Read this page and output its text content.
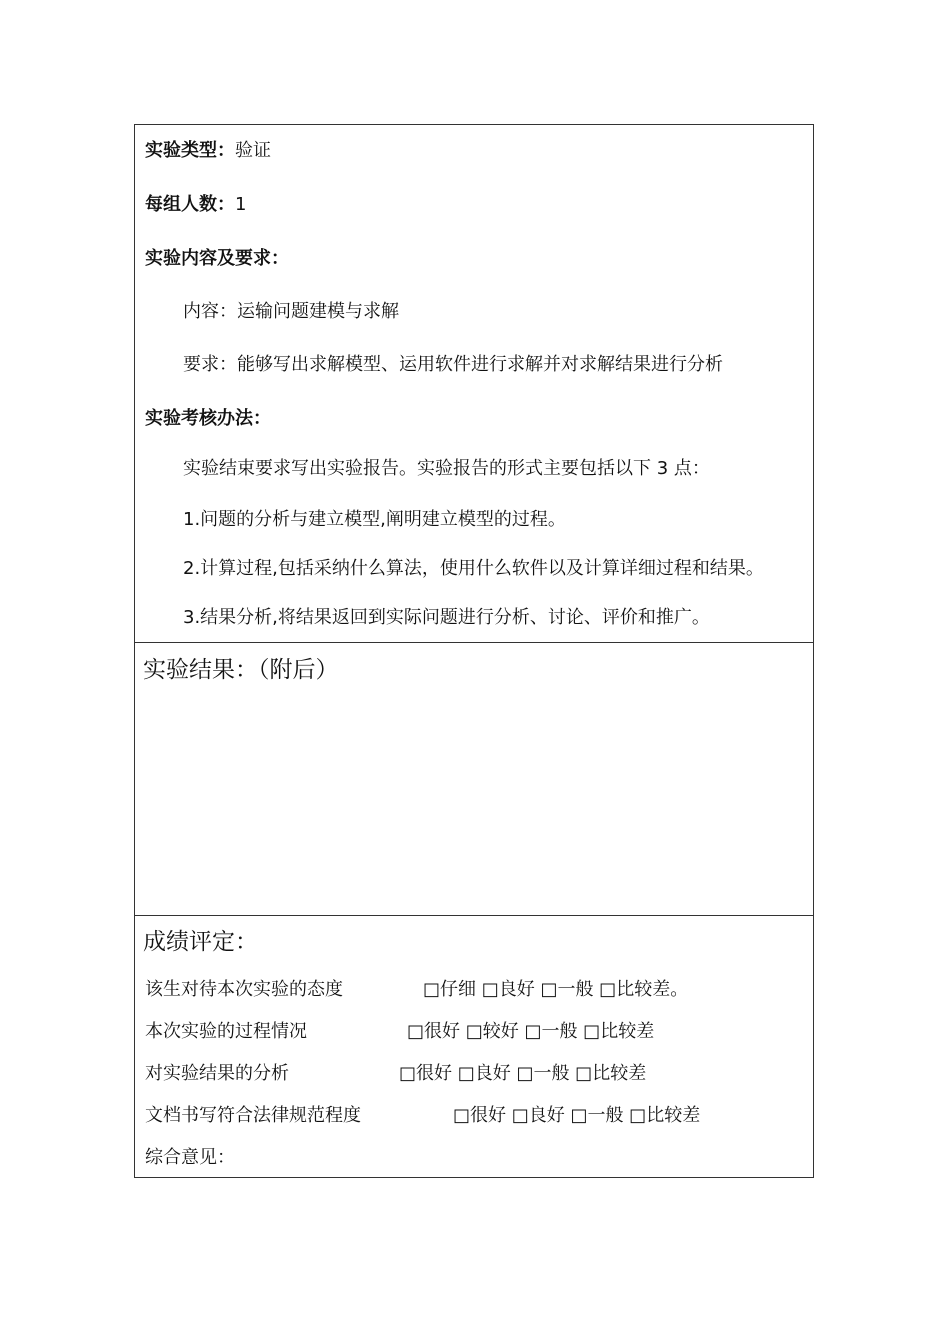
实验类型：验证
每组人数：1
实验内容及要求：
内容：运输问题建模与求解
要求：能够写出求解模型、运用软件进行求解并对求解结果进行分析
实验考核办法：
实验结束要求写出实验报告。实验报告的形式主要包括以下 3 点：
1.问题的分析与建立模型,阐明建立模型的过程。
2.计算过程,包括采纳什么算法，使用什么软件以及计算详细过程和结果。
3.结果分析,将结果返回到实际问题进行分析、讨论、评价和推广。
实验结果：（附后）
成绩评定：
该生对待本次实验的态度	□仔细 □良好 □一般 □比较差。
本次实验的过程情况	□很好 □较好 □一般 □比较差
对实验结果的分析	□很好 □良好 □一般 □比较差
文档书写符合法律规范程度	□很好 □良好 □一般 □比较差
综合意见：
